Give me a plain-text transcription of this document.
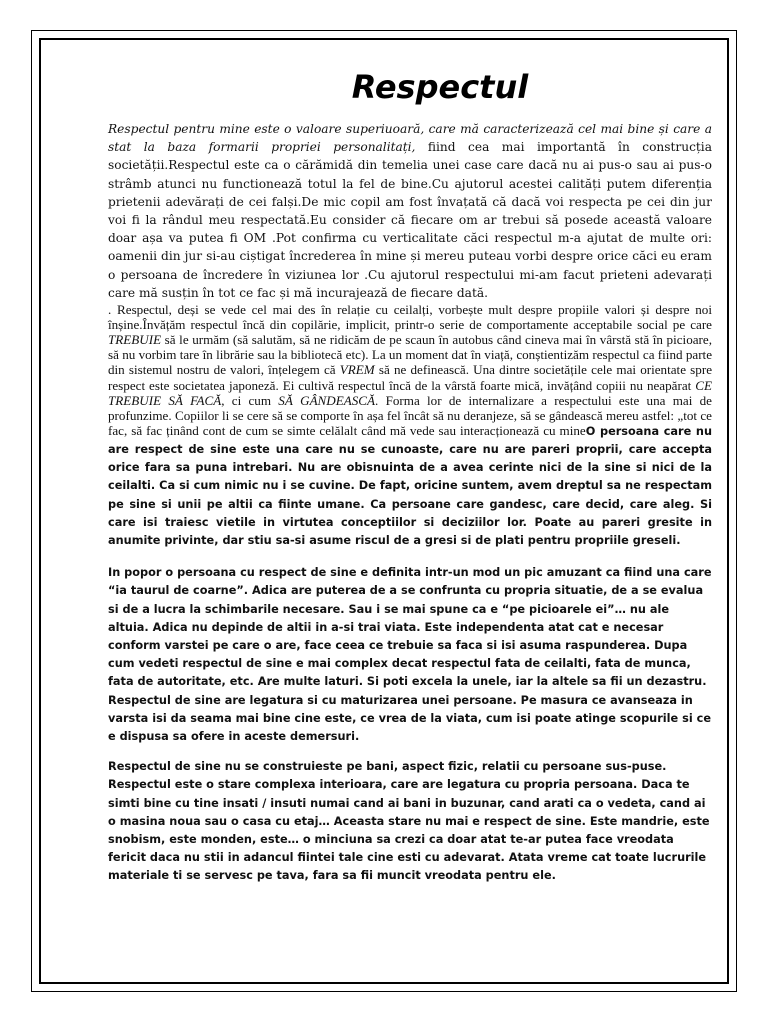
Respectul

Respectul pentru mine este o valoare superiuoară, care mă caracterizează cel mai bine și care a stat la baza formarii propriei personalitați, fiind cea mai importantă în construcția societății.Respectul este ca o cărămidă din temelia unei case care dacă nu ai pus-o sau ai pus-o strâmb atunci nu functionează totul la fel de bine.Cu ajutorul acestei calități putem diferenția prietenii adevărați de cei falși.De mic copil am fost învațată că dacă voi respecta pe cei din jur voi fi la rândul meu respectată.Eu consider că fiecare om ar trebui să posede această valoare doar așa va putea fi OM .Pot confirma cu verticalitate căci respectul m-a ajutat de multe ori: oamenii din jur si-au ciștigat încrederea în mine și mereu puteau vorbi despre orice căci eu eram o persoana de încredere în viziunea lor .Cu ajutorul respectului mi-am facut prieteni adevarați care mă susțin în tot ce fac și mă incurajează de fiecare dată.

. Respectul, deși se vede cel mai des în relație cu ceilalți, vorbește mult despre propiile valori și despre noi înșine.Învățăm respectul încă din copilărie, implicit, printr-o serie de comportamente acceptabile social pe care TREBUIE să le urmăm (să salutăm, să ne ridicăm de pe scaun în autobus când cineva mai în vârstă stă în picioare, să nu vorbim tare în librărie sau la bibliotecă etc). La un moment dat în viață, conștientizăm respectul ca fiind parte din sistemul nostru de valori, înțelegem că VREM să ne definească. Una dintre societățile cele mai orientate spre respect este societatea japoneză. Ei cultivă respectul încă de la vârstă foarte mică, invățând copiii nu neapărat CE TREBUIE SĂ FACĂ, ci cum SĂ GÂNDEASCĂ. Forma lor de internalizare a respectului este una mai de profunzime. Copiilor li se cere să se comporte în așa fel încât să nu deranjeze, să se gândească mereu astfel: „tot ce fac, să fac ținând cont de cum se simte celălalt când mă vede sau interacționează cu mineO persoana care nu are respect de sine este una care nu se cunoaste, care nu are pareri proprii, care accepta orice fara sa puna intrebari. Nu are obisnuinta de a avea cerinte nici de la sine si nici de la ceilalti. Ca si cum nimic nu i se cuvine. De fapt, oricine suntem, avem dreptul sa ne respectam pe sine si unii pe altii ca fiinte umane. Ca persoane care gandesc, care decid, care aleg. Si care isi traiesc vietile in virtutea conceptiilor si deciziilor lor. Poate au pareri gresite in anumite privinte, dar stiu sa-si asume riscul de a gresi si de plati pentru propriile greseli.

In popor o persoana cu respect de sine e definita intr-un mod un pic amuzant ca fiind una care “ia taurul de coarne”. Adica are puterea de a se confrunta cu propria situatie, de a se evalua si de a lucra la schimbarile necesare. Sau i se mai spune ca e “pe picioarele ei”… nu ale altuia. Adica nu depinde de altii in a-si trai viata. Este independenta atat cat e necesar conform varstei pe care o are, face ceea ce trebuie sa faca si isi asuma raspunderea. Dupa cum vedeti respectul de sine e mai complex decat respectul fata de ceilalti, fata de munca, fata de autoritate, etc. Are multe laturi. Si poti excela la unele, iar la altele sa fii un dezastru. Respectul de sine are legatura si cu maturizarea unei persoane. Pe masura ce avanseaza in varsta isi da seama mai bine cine este, ce vrea de la viata, cum isi poate atinge scopurile si ce e dispusa sa ofere in aceste demersuri.

Respectul de sine nu se construieste pe bani, aspect fizic, relatii cu persoane sus-puse. Respectul este o stare complexa interioara, care are legatura cu propria persoana. Daca te simti bine cu tine insati / insuti numai cand ai bani in buzunar, cand arati ca o vedeta, cand ai o masina noua sau o casa cu etaj… Aceasta stare nu mai e respect de sine. Este mandrie, este snobism, este monden, este… o minciuna sa crezi ca doar atat te-ar putea face vreodata fericit daca nu stii in adancul fiintei tale cine esti cu adevarat. Atata vreme cat toate lucrurile materiale ti se servesc pe tava, fara sa fii muncit vreodata pentru ele.
